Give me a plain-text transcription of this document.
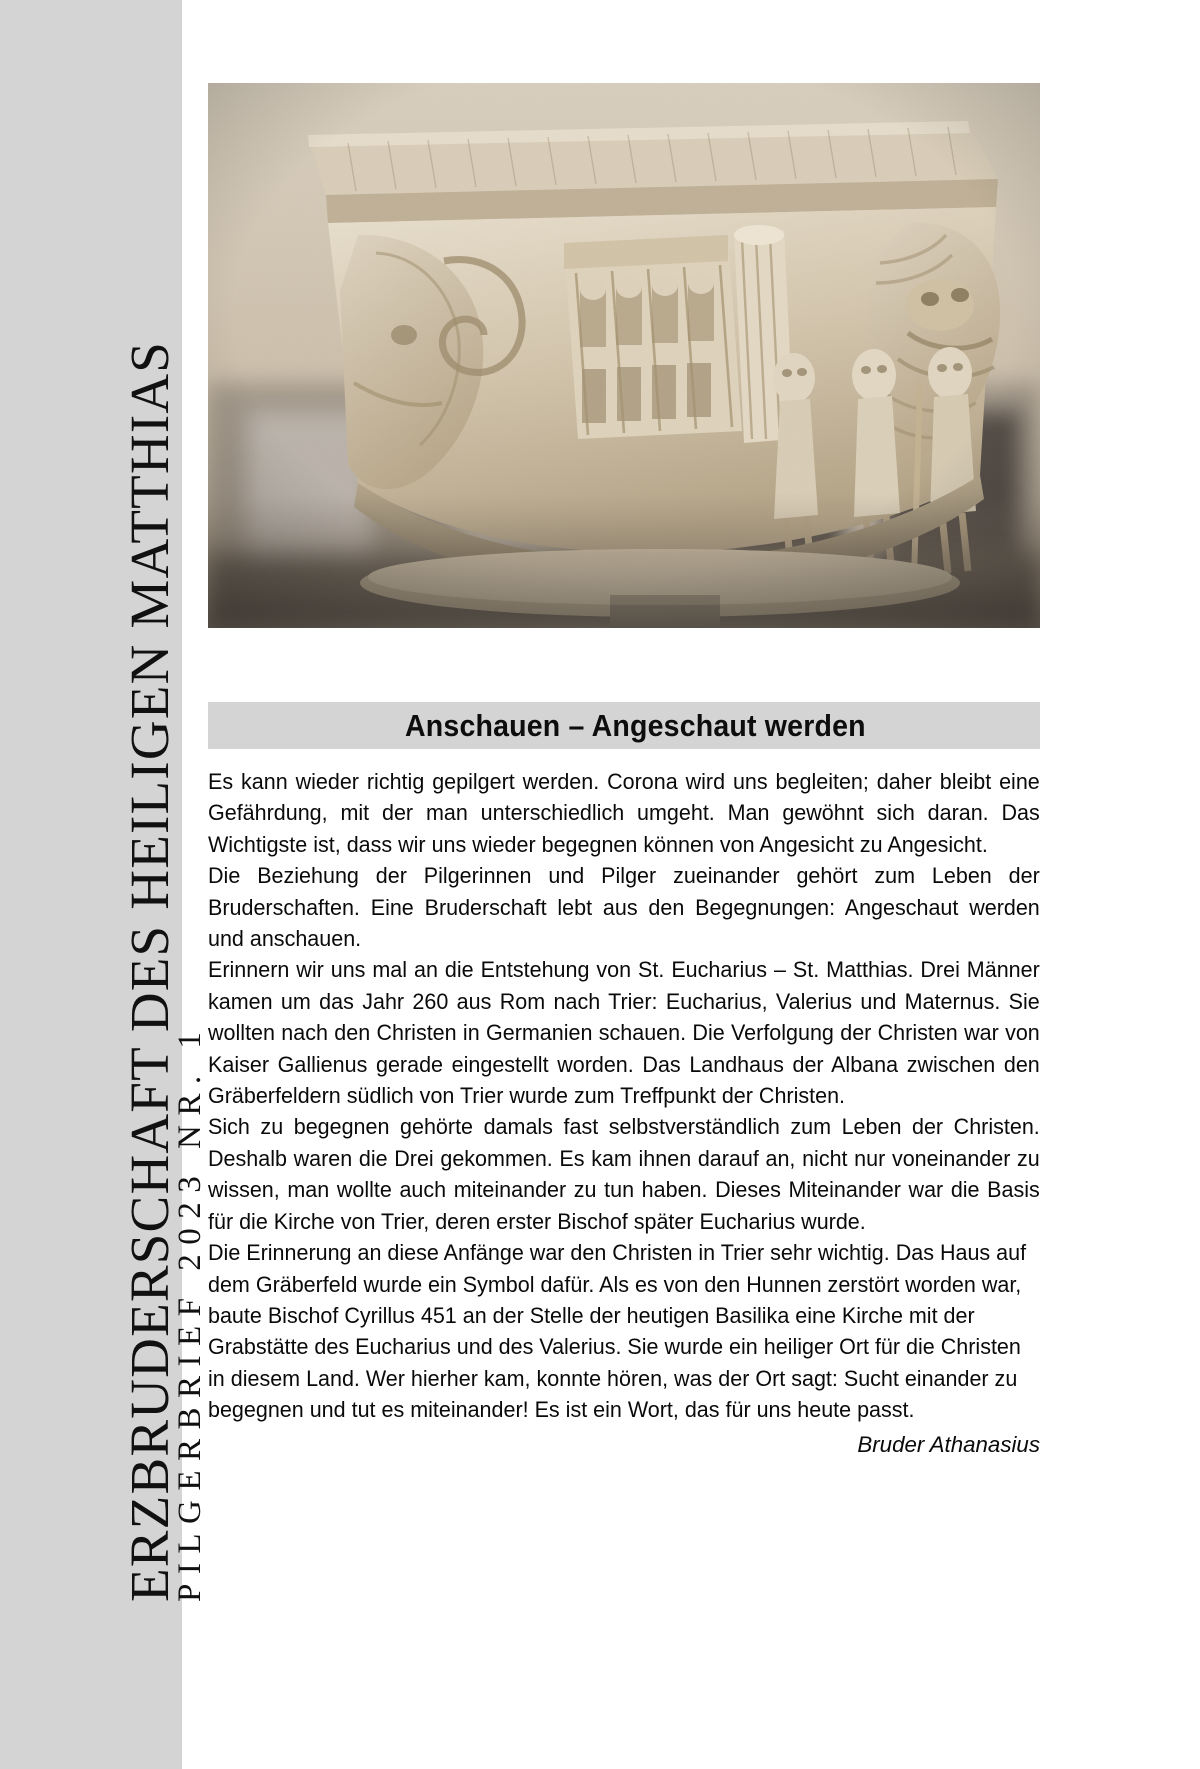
ERZBRUDERSCHAFT DES HEILIGEN MATTHIAS
PILGERBRIEF 2023 NR. 1
Anschauen – Angeschaut werden

Es kann wieder richtig gepilgert werden. Corona wird uns begleiten; daher bleibt eine Gefährdung, mit der man unterschiedlich umgeht. Man gewöhnt sich daran. Das Wichtigste ist, dass wir uns wieder begegnen können von Angesicht zu Angesicht.

Die Beziehung der Pilgerinnen und Pilger zueinander gehört zum Leben der Bruderschaften. Eine Bruderschaft lebt aus den Begegnungen: Angeschaut werden und anschauen.

Erinnern wir uns mal an die Entstehung von St. Eucharius – St. Matthias. Drei Männer kamen um das Jahr 260 aus Rom nach Trier: Eucharius, Valerius und Maternus. Sie wollten nach den Christen in Germanien schauen. Die Verfolgung der Christen war von Kaiser Gallienus gerade eingestellt worden. Das Landhaus der Albana zwischen den Gräberfeldern südlich von Trier wurde zum Treffpunkt der Christen.

Sich zu begegnen gehörte damals fast selbstverständlich zum Leben der Christen. Deshalb waren die Drei gekommen. Es kam ihnen darauf an, nicht nur voneinander zu wissen, man wollte auch miteinander zu tun haben. Dieses Miteinander war die Basis für die Kirche von Trier, deren erster Bischof später Eucharius wurde.

Die Erinnerung an diese Anfänge war den Christen in Trier sehr wichtig. Das Haus auf dem Gräberfeld wurde ein Symbol dafür. Als es von den Hunnen zerstört worden war, baute Bischof Cyrillus 451 an der Stelle der heutigen Basilika eine Kirche mit der Grabstätte des Eucharius und des Valerius. Sie wurde ein heiliger Ort für die Christen in diesem Land. Wer hierher kam, konnte hören, was der Ort sagt: Sucht einander zu begegnen und tut es miteinander! Es ist ein Wort, das für uns heute passt.

Bruder Athanasius
